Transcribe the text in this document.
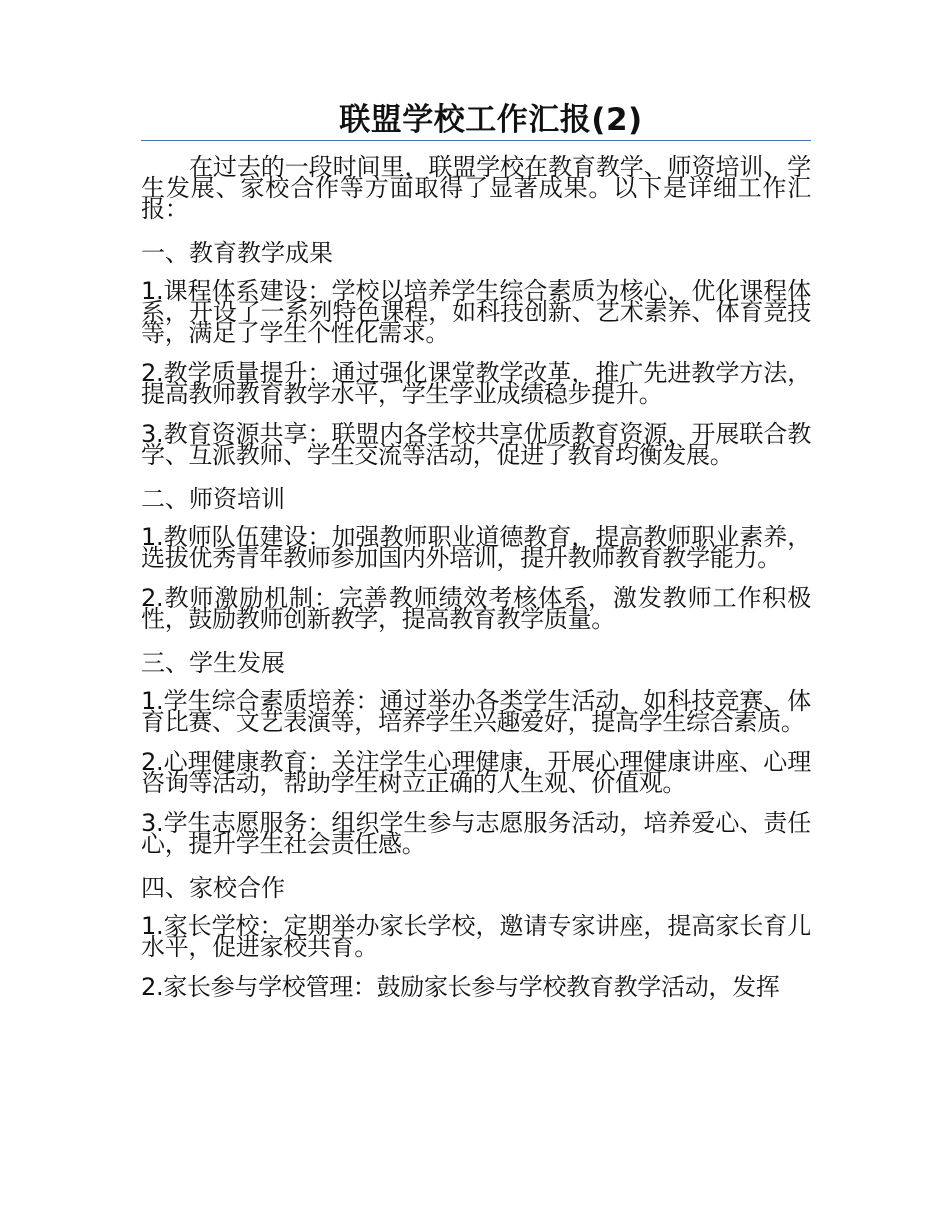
联盟学校工作汇报(2)

在过去的一段时间里，联盟学校在教育教学、师资培训、学生发展、家校合作等方面取得了显著成果。以下是详细工作汇报：

一、教育教学成果

1.课程体系建设：学校以培养学生综合素质为核心，优化课程体系，开设了一系列特色课程，如科技创新、艺术素养、体育竞技等，满足了学生个性化需求。

2.教学质量提升：通过强化课堂教学改革，推广先进教学方法，提高教师教育教学水平，学生学业成绩稳步提升。

3.教育资源共享：联盟内各学校共享优质教育资源，开展联合教学、互派教师、学生交流等活动，促进了教育均衡发展。

二、师资培训

1.教师队伍建设：加强教师职业道德教育，提高教师职业素养，选拔优秀青年教师参加国内外培训，提升教师教育教学能力。

2.教师激励机制：完善教师绩效考核体系，激发教师工作积极性，鼓励教师创新教学，提高教育教学质量。

三、学生发展

1.学生综合素质培养：通过举办各类学生活动，如科技竞赛、体育比赛、文艺表演等，培养学生兴趣爱好，提高学生综合素质。

2.心理健康教育：关注学生心理健康，开展心理健康讲座、心理咨询等活动，帮助学生树立正确的人生观、价值观。

3.学生志愿服务：组织学生参与志愿服务活动，培养爱心、责任心，提升学生社会责任感。

四、家校合作

1.家长学校：定期举办家长学校，邀请专家讲座，提高家长育儿水平，促进家校共育。

2.家长参与学校管理：鼓励家长参与学校教育教学活动，发挥
